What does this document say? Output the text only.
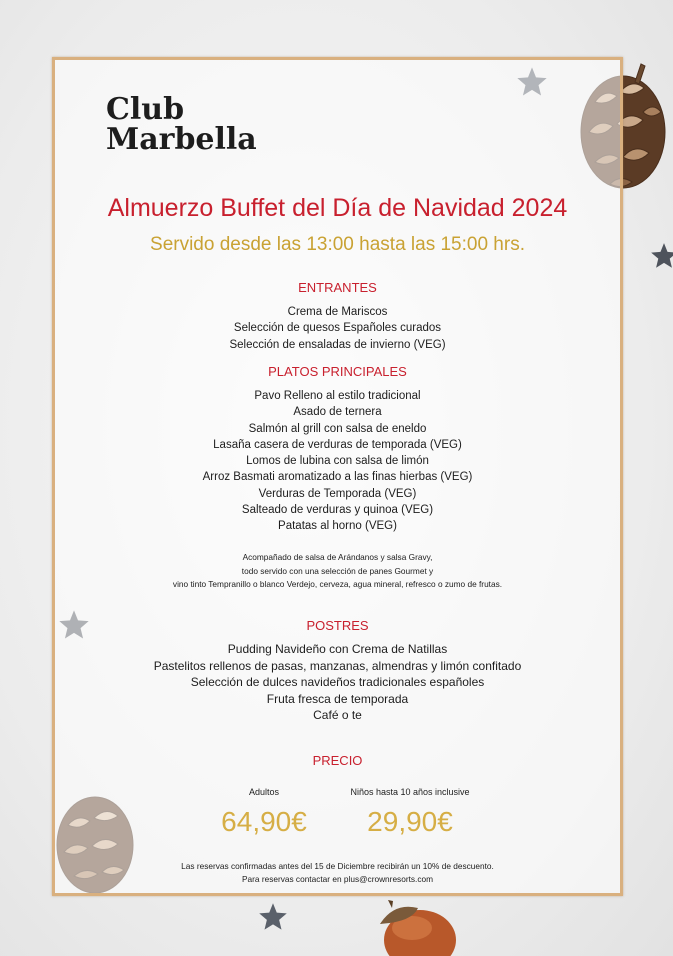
Club
Marbella
Almuerzo Buffet del Día de Navidad 2024
Servido desde las 13:00 hasta las 15:00 hrs.
ENTRANTES
Crema de Mariscos
Selección de quesos Españoles curados
Selección de ensaladas de invierno (VEG)
PLATOS PRINCIPALES
Pavo Relleno al estilo tradicional
Asado de ternera
Salmón al grill con salsa de eneldo
Lasaña casera de verduras de temporada (VEG)
Lomos de lubina con salsa de limón
Arroz Basmati aromatizado a las finas hierbas (VEG)
Verduras de Temporada (VEG)
Salteado de verduras y quinoa (VEG)
Patatas al horno (VEG)
Acompañado de salsa de Arándanos y salsa Gravy,
todo servido con una selección de panes Gourmet y
vino tinto Tempranillo o blanco Verdejo, cerveza, agua mineral, refresco o zumo de frutas.
POSTRES
Pudding Navideño con Crema de Natillas
Pastelitos rellenos de pasas, manzanas, almendras y limón confitado
Selección de dulces navideños tradicionales españoles
Fruta fresca de temporada
Café o te
PRECIO
Adultos
64,90€
Niños hasta 10 años inclusive
29,90€
Las reservas confirmadas antes del 15 de Diciembre recibirán un 10% de descuento.
Para reservas contactar en plus@crownresorts.com
